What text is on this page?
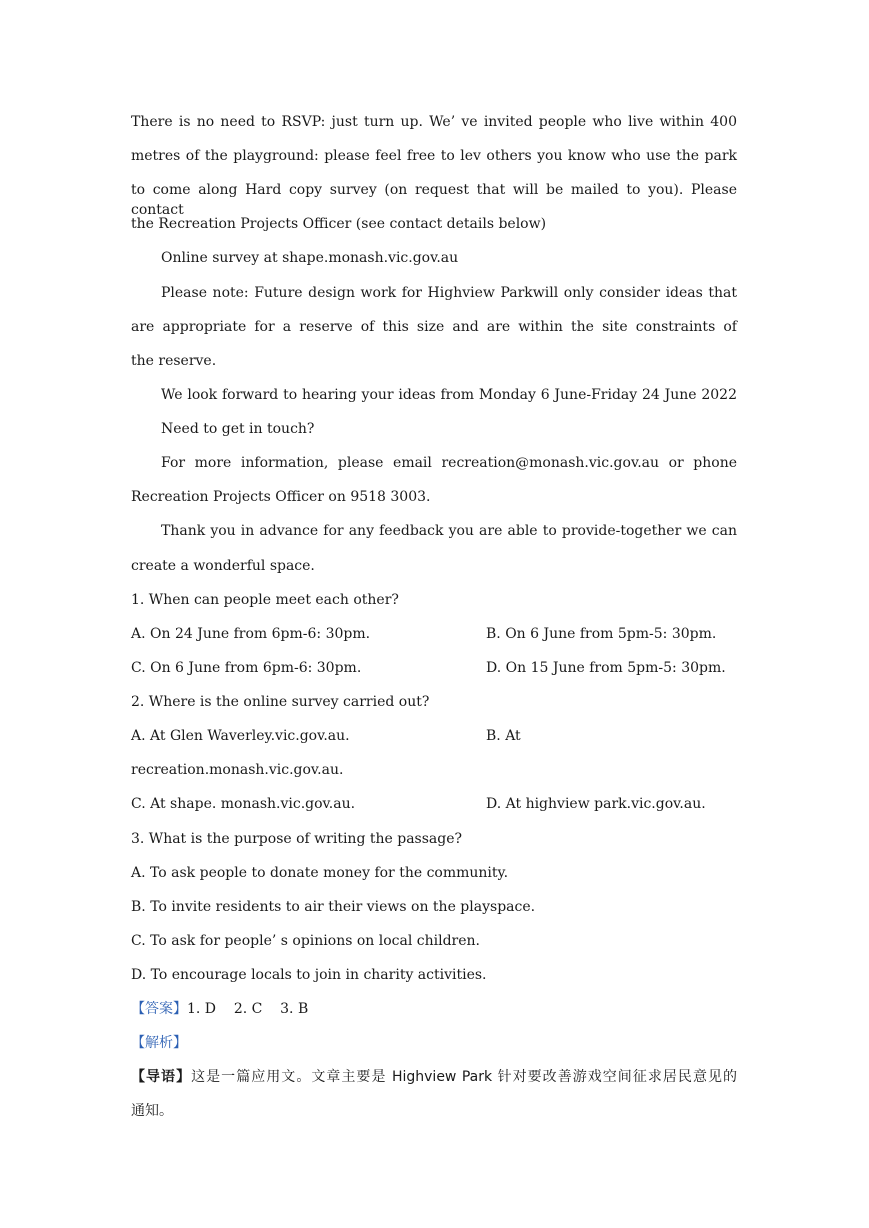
There is no need to RSVP: just turn up. We’ ve invited people who live within 400
metres of the playground: please feel free to lev others you know who use the park
to come along Hard copy survey (on request that will be mailed to you). Please contact
the Recreation Projects Officer (see contact details below)
Online survey at shape.monash.vic.gov.au
Please note: Future design work for Highview Parkwill only consider ideas that
are appropriate for a reserve of this size and are within the site constraints of
the reserve.
We look forward to hearing your ideas from Monday 6 June-Friday 24 June 2022
Need to get in touch?
For more information, please email recreation@monash.vic.gov.au or phone
Recreation Projects Officer on 9518 3003.
Thank you in advance for any feedback you are able to provide-together we can
create a wonderful space.
1. When can people meet each other?
A. On 24 June from 6pm-6: 30pm.	B. On 6 June from 5pm-5: 30pm.
C. On 6 June from 6pm-6: 30pm.	D. On 15 June from 5pm-5: 30pm.
2. Where is the online survey carried out?
A. At Glen Waverley.vic.gov.au.	B. At
recreation.monash.vic.gov.au.
C. At shape. monash.vic.gov.au.	D. At highview park.vic.gov.au.
3. What is the purpose of writing the passage?
A. To ask people to donate money for the community.
B. To invite residents to air their views on the playspace.
C. To ask for people’ s opinions on local children.
D. To encourage locals to join in charity activities.
【答案】1. D    2. C    3. B
【解析】
【导语】这是一篇应用文。文章主要是 Highview Park 针对要改善游戏空间征求居民意见的
通知。
